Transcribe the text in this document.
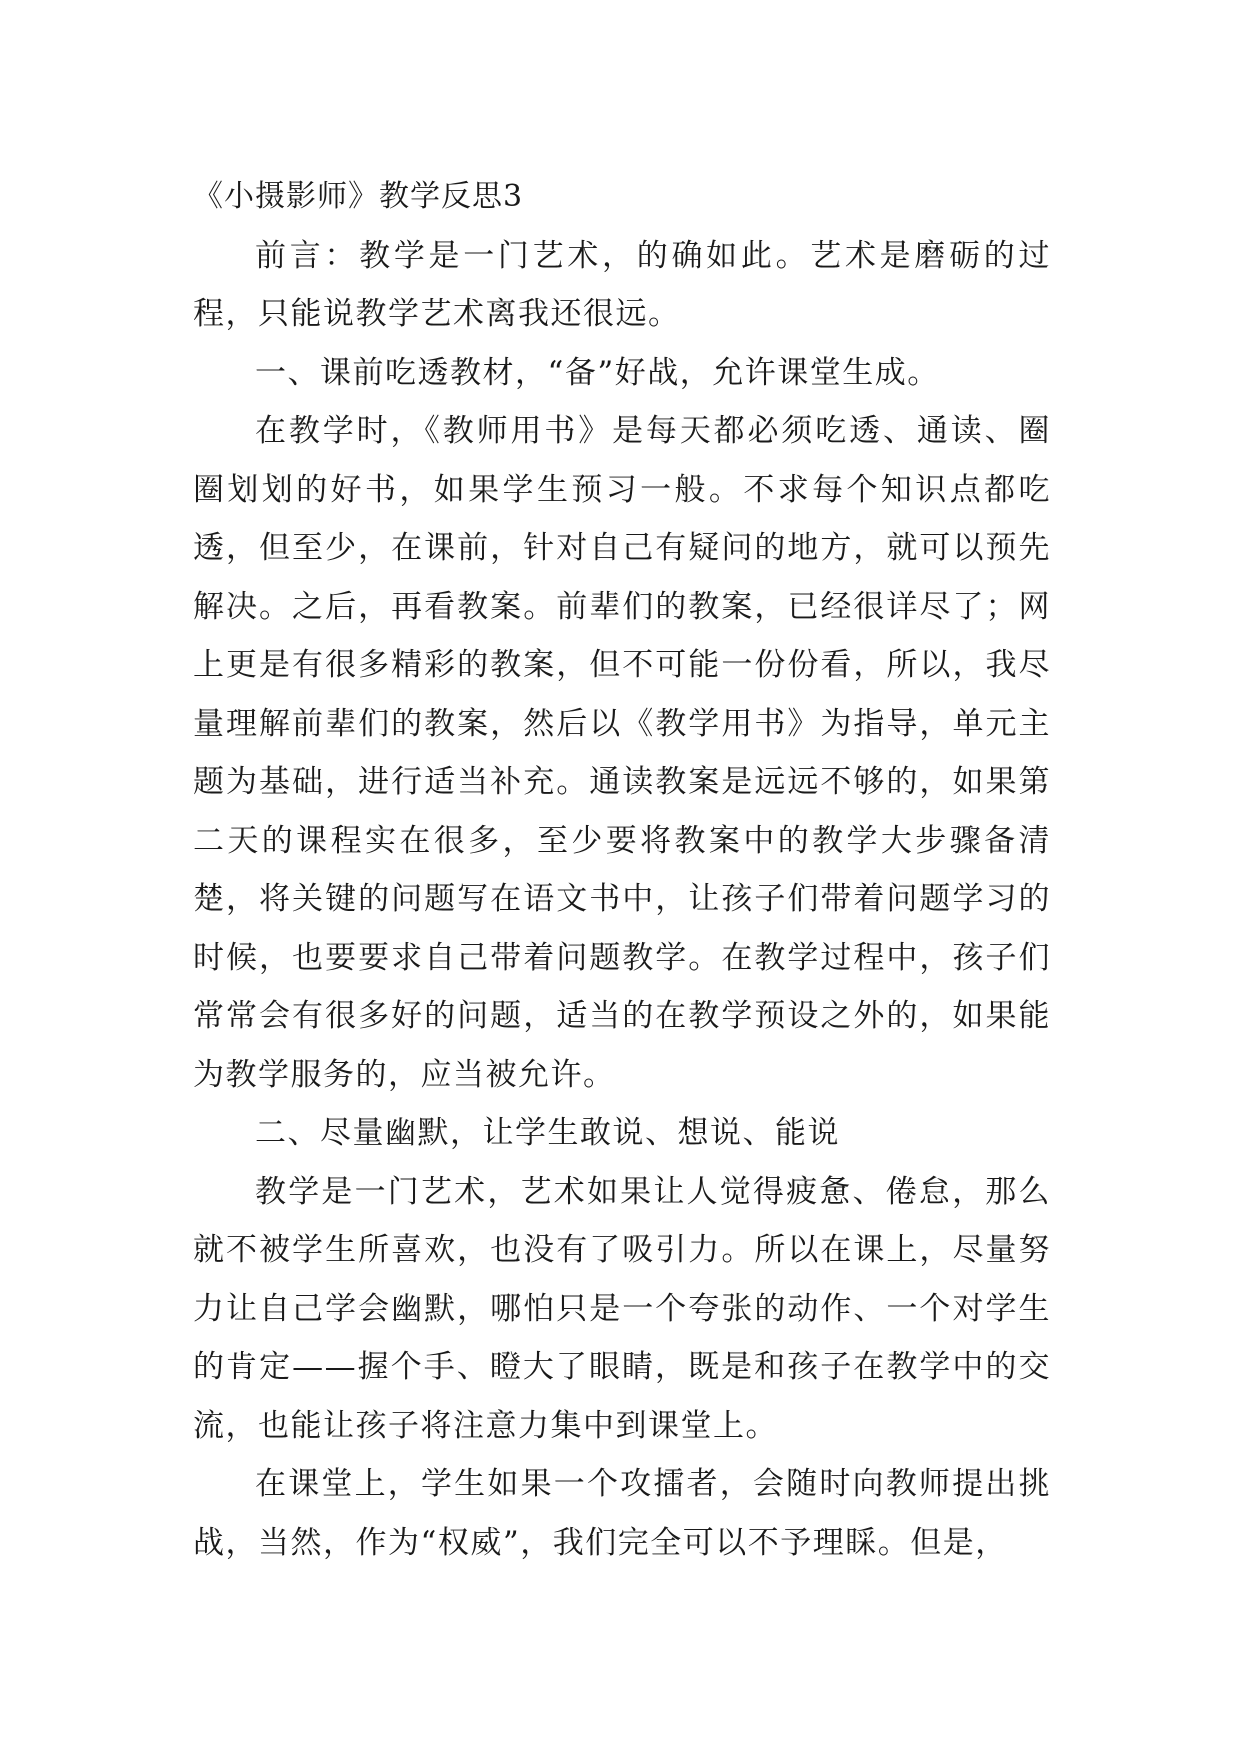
《小摄影师》教学反思3

前言：教学是一门艺术，的确如此。艺术是磨砺的过程，只能说教学艺术离我还很远。

一、课前吃透教材，“备”好战，允许课堂生成。

在教学时，《教师用书》是每天都必须吃透、通读、圈圈划划的好书，如果学生预习一般。不求每个知识点都吃透，但至少，在课前，针对自己有疑问的地方，就可以预先解决。之后，再看教案。前辈们的教案，已经很详尽了；网上更是有很多精彩的教案，但不可能一份份看，所以，我尽量理解前辈们的教案，然后以《教学用书》为指导，单元主题为基础，进行适当补充。通读教案是远远不够的，如果第二天的课程实在很多，至少要将教案中的教学大步骤备清楚，将关键的问题写在语文书中，让孩子们带着问题学习的时候，也要要求自己带着问题教学。在教学过程中，孩子们常常会有很多好的问题，适当的在教学预设之外的，如果能为教学服务的，应当被允许。

二、尽量幽默，让学生敢说、想说、能说

教学是一门艺术，艺术如果让人觉得疲惫、倦怠，那么就不被学生所喜欢，也没有了吸引力。所以在课上，尽量努力让自己学会幽默，哪怕只是一个夸张的动作、一个对学生的肯定——握个手、瞪大了眼睛，既是和孩子在教学中的交流，也能让孩子将注意力集中到课堂上。

在课堂上，学生如果一个攻擂者，会随时向教师提出挑战，当然，作为“权威”，我们完全可以不予理睬。但是，
